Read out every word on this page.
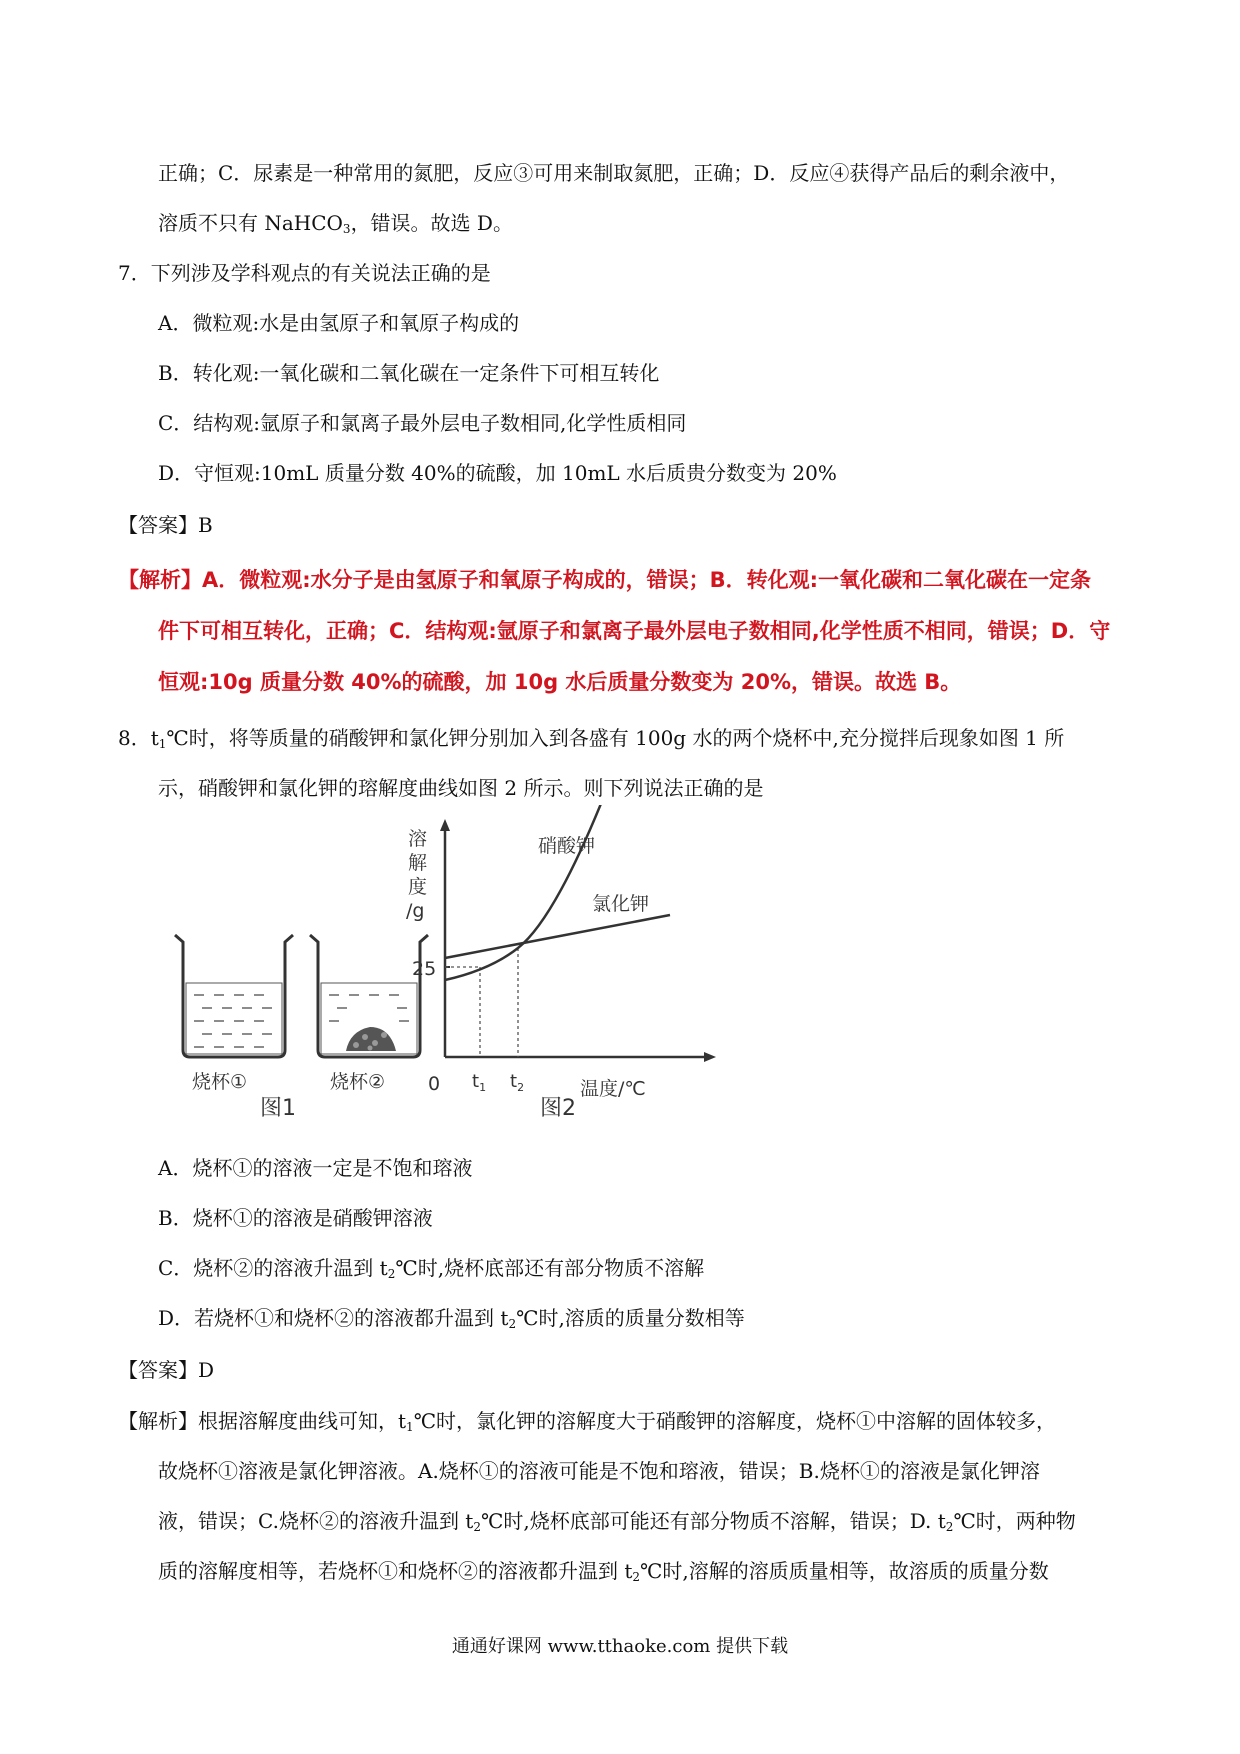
正确；C．尿素是一种常用的氮肥，反应③可用来制取氮肥，正确；D．反应④获得产品后的剩余液中，
溶质不只有 NaHCO$_3$，错误。故选 D。
7．下列涉及学科观点的有关说法正确的是
A．微粒观:水是由氢原子和氧原子构成的
B．转化观:一氧化碳和二氧化碳在一定条件下可相互转化
C．结构观:氩原子和氯离子最外层电子数相同,化学性质相同
D．守恒观:10mL 质量分数 40%的硫酸，加 10mL 水后质贵分数变为 20%
【答案】B
【解析】A．微粒观:水分子是由氢原子和氧原子构成的，错误；B．转化观:一氧化碳和二氧化碳在一定条
件下可相互转化，正确；C．结构观:氩原子和氯离子最外层电子数相同,化学性质不相同，错误；D．守
恒观:10g 质量分数 40%的硫酸，加 10g 水后质量分数变为 20%，错误。故选 B。
8．$t_1℃$时，将等质量的硝酸钾和氯化钾分别加入到各盛有 100g 水的两个烧杯中,充分搅拌后现象如图 1 所
示，硝酸钾和氯化钾的瑢解度曲线如图 2 所示。则下列说法正确的是
烧杯①	烧杯②
图1
溶
解
度
/g
25
0 $t_1$ $t_2$	温度/℃
硝酸钾
氯化钾
图2
A．烧杯①的溶液一定是不饱和瑢液
B．烧杯①的溶液是硝酸钾溶液
C．烧杯②的溶液升温到 $t_2℃$时,烧杯底部还有部分物质不溶解
D．若烧杯①和烧杯②的溶液都升温到 $t_2℃$时,溶质的质量分数相等
【答案】D
【解析】根据溶解度曲线可知，$t_1℃$时，氯化钾的溶解度大于硝酸钾的溶解度，烧杯①中溶解的固体较多，
故烧杯①溶液是氯化钾溶液。A.烧杯①的溶液可能是不饱和瑢液，错误；B.烧杯①的溶液是氯化钾溶
液，错误；C.烧杯②的溶液升温到 $t_2℃$时,烧杯底部可能还有部分物质不溶解，错误；D. $t_2℃$时，两种物
质的溶解度相等，若烧杯①和烧杯②的溶液都升温到 $t_2℃$时,溶解的溶质质量相等，故溶质的质量分数
通通好课网 www.tthaoke.com 提供下载
